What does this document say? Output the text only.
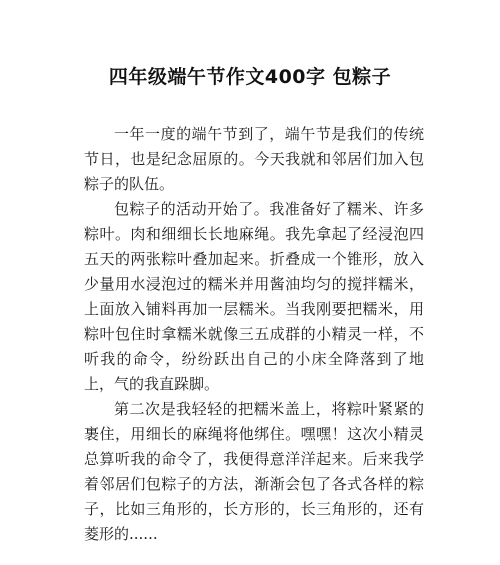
四年级端午节作文400字 包粽子

一年一度的端午节到了，端午节是我们的传统节日，也是纪念屈原的。今天我就和邻居们加入包粽子的队伍。

包粽子的活动开始了。我准备好了糯米、许多粽叶。肉和细细长长地麻绳。我先拿起了经浸泡四五天的两张粽叶叠加起来。折叠成一个锥形，放入少量用水浸泡过的糯米并用酱油均匀的搅拌糯米，上面放入铺料再加一层糯米。当我刚要把糯米，用粽叶包住时拿糯米就像三五成群的小精灵一样，不听我的命令，纷纷跃出自己的小床全降落到了地上，气的我直跺脚。

第二次是我轻轻的把糯米盖上，将粽叶紧紧的裹住，用细长的麻绳将他绑住。嘿嘿！这次小精灵总算听我的命令了，我便得意洋洋起来。后来我学着邻居们包粽子的方法，渐渐会包了各式各样的粽子，比如三角形的，长方形的，长三角形的，还有菱形的......
